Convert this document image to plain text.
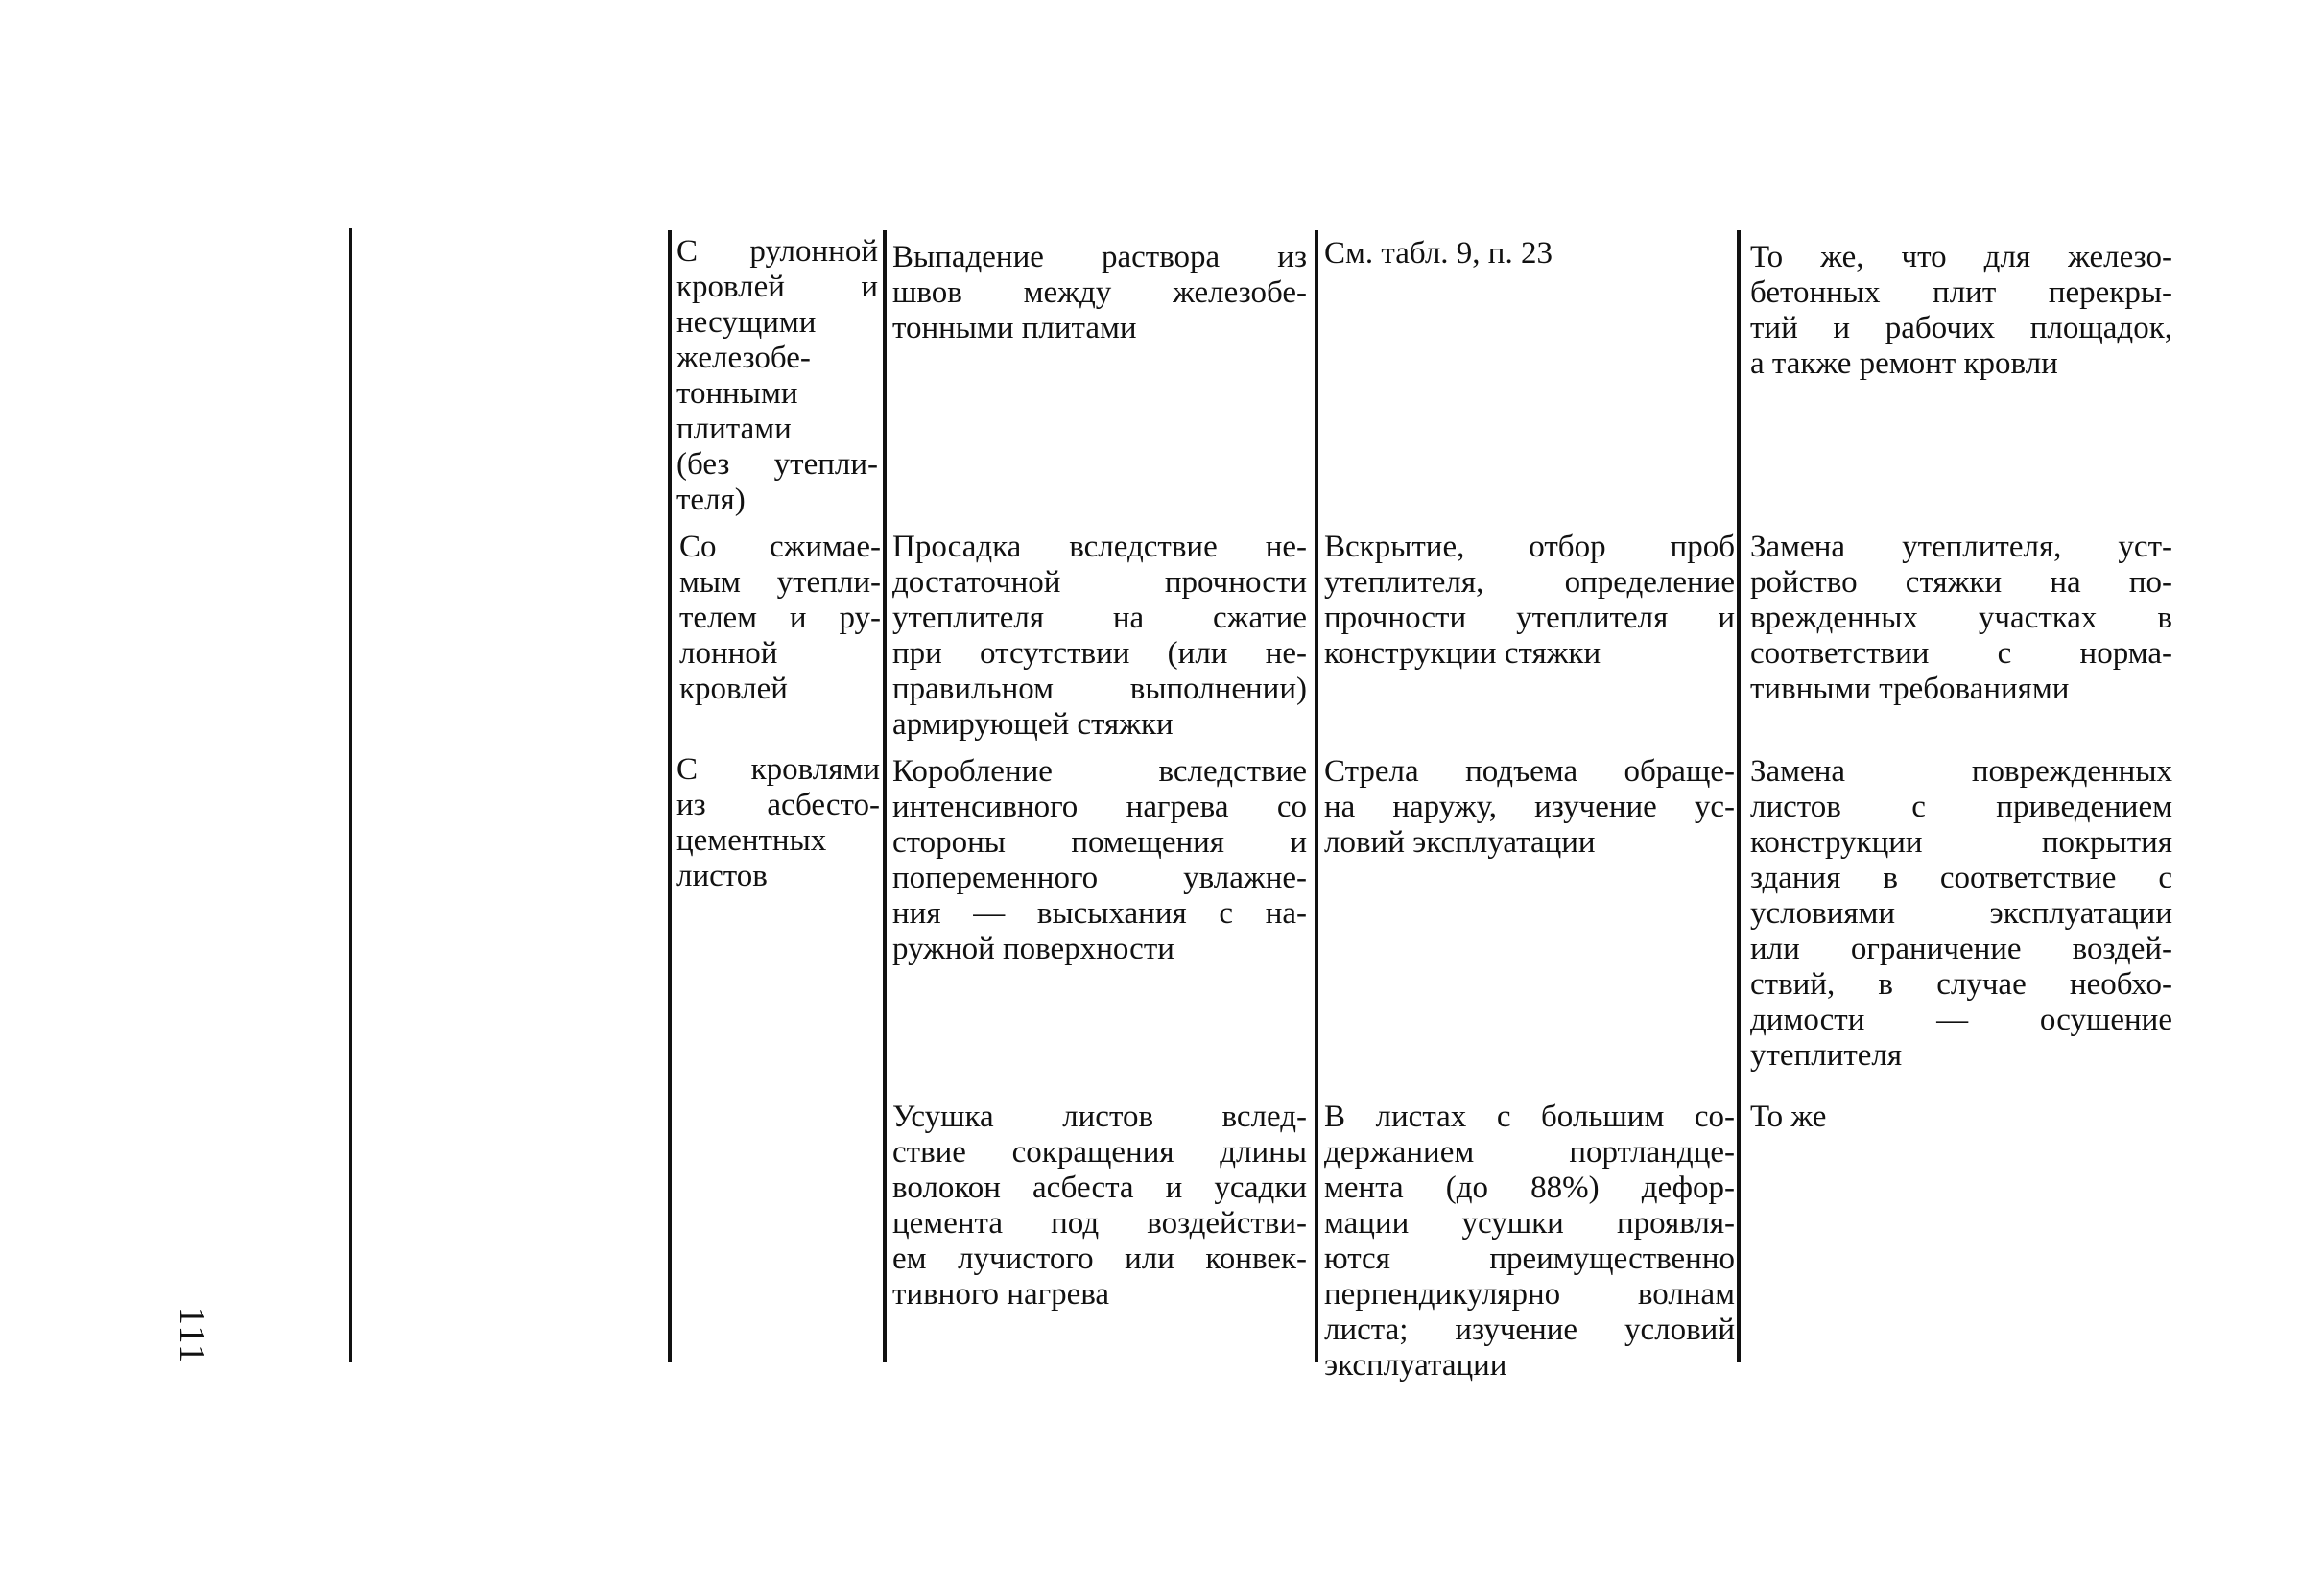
111
С рулонной
кровлей и
несущими
железобе-
тонными
плитами
(без утепли-
теля)
Выпадение раствора из
швов между железобе-
тонными плитами
См. табл. 9, п. 23	То же, что для железо-
бетонных плит перекры-
тий и рабочих площадок,
а также ремонт кровли
Со сжимае-
мым утепли-
телем и ру-
лонной
кровлей
Просадка вследствие не-
достаточной прочности
утеплителя на сжатие
при отсутствии (или не-
правильном выполнении)
армирующей стяжки
Вскрытие, отбор проб
утеплителя, определение
прочности утеплителя и
конструкции стяжки
Замена утеплителя, уст-
ройство стяжки на по-
врежденных участках в
соответствии с норма-
тивными требованиями
С кровлями
из асбесто-
цементных
листов
Коробление вследствие
интенсивного нагрева со
стороны помещения и
попеременного увлажне-
ния — высыхания с на-
ружной поверхности
Стрела подъема обраще-
на наружу, изучение ус-
ловий эксплуатации
Замена поврежденных
листов с приведением
конструкции покрытия
здания в соответствие с
условиями эксплуатации
или ограничение воздей-
ствий, в случае необхо-
димости — осушение
утеплителя
Усушка листов вслед-
ствие сокращения длины
волокон асбеста и усадки
цемента под воздействи-
ем лучистого или конвек-
тивного нагрева
В листах с большим со-
держанием портландце-
мента (до 88%) дефор-
мации усушки проявля-
ются преимущественно
перпендикулярно волнам
листа; изучение условий
эксплуатации
То же
